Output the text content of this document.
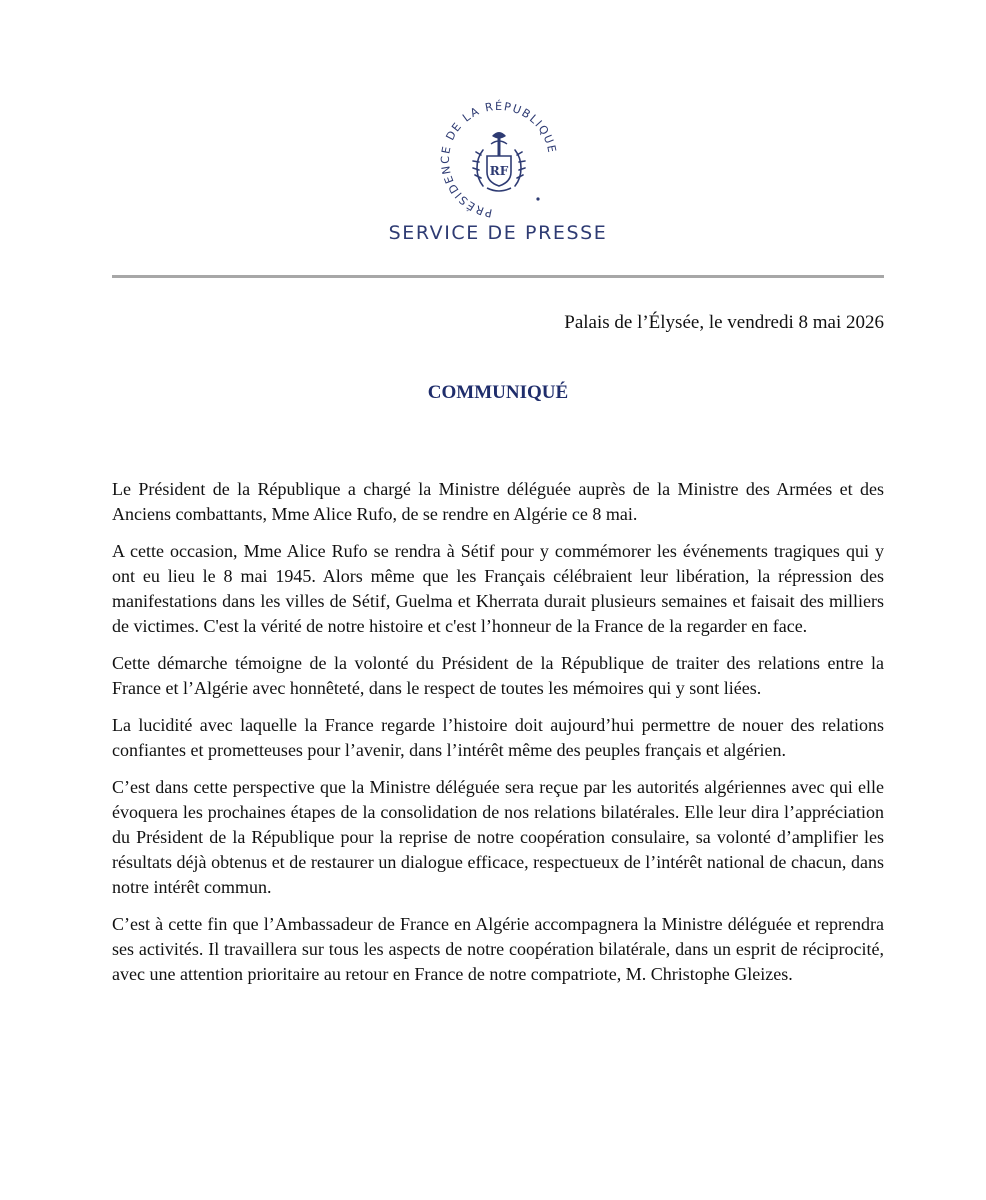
PRÉSIDENCE DE LA RÉPUBLIQUE
RF
SERVICE DE PRESSE
Palais de l’Élysée, le vendredi 8 mai 2026
COMMUNIQUÉ

Le Président de la République a chargé la Ministre déléguée auprès de la Ministre des Armées et des Anciens combattants, Mme Alice Rufo, de se rendre en Algérie ce 8 mai.

A cette occasion, Mme Alice Rufo se rendra à Sétif pour y commémorer les événements tragiques qui y ont eu lieu le 8 mai 1945. Alors même que les Français célébraient leur libération, la répression des manifestations dans les villes de Sétif, Guelma et Kherrata durait plusieurs semaines et faisait des milliers de victimes. C'est la vérité de notre histoire et c'est l’honneur de la France de la regarder en face.

Cette démarche témoigne de la volonté du Président de la République de traiter des relations entre la France et l’Algérie avec honnêteté, dans le respect de toutes les mémoires qui y sont liées.

La lucidité avec laquelle la France regarde l’histoire doit aujourd’hui permettre de nouer des relations confiantes et prometteuses pour l’avenir, dans l’intérêt même des peuples français et algérien.

C’est dans cette perspective que la Ministre déléguée sera reçue par les autorités algériennes avec qui elle évoquera les prochaines étapes de la consolidation de nos relations bilatérales. Elle leur dira l’appréciation du Président de la République pour la reprise de notre coopération consulaire, sa volonté d’amplifier les résultats déjà obtenus et de restaurer un dialogue efficace, respectueux de l’intérêt national de chacun, dans notre intérêt commun.

C’est à cette fin que l’Ambassadeur de France en Algérie accompagnera la Ministre déléguée et reprendra ses activités. Il travaillera sur tous les aspects de notre coopération bilatérale, dans un esprit de réciprocité, avec une attention prioritaire au retour en France de notre compatriote, M. Christophe Gleizes.
